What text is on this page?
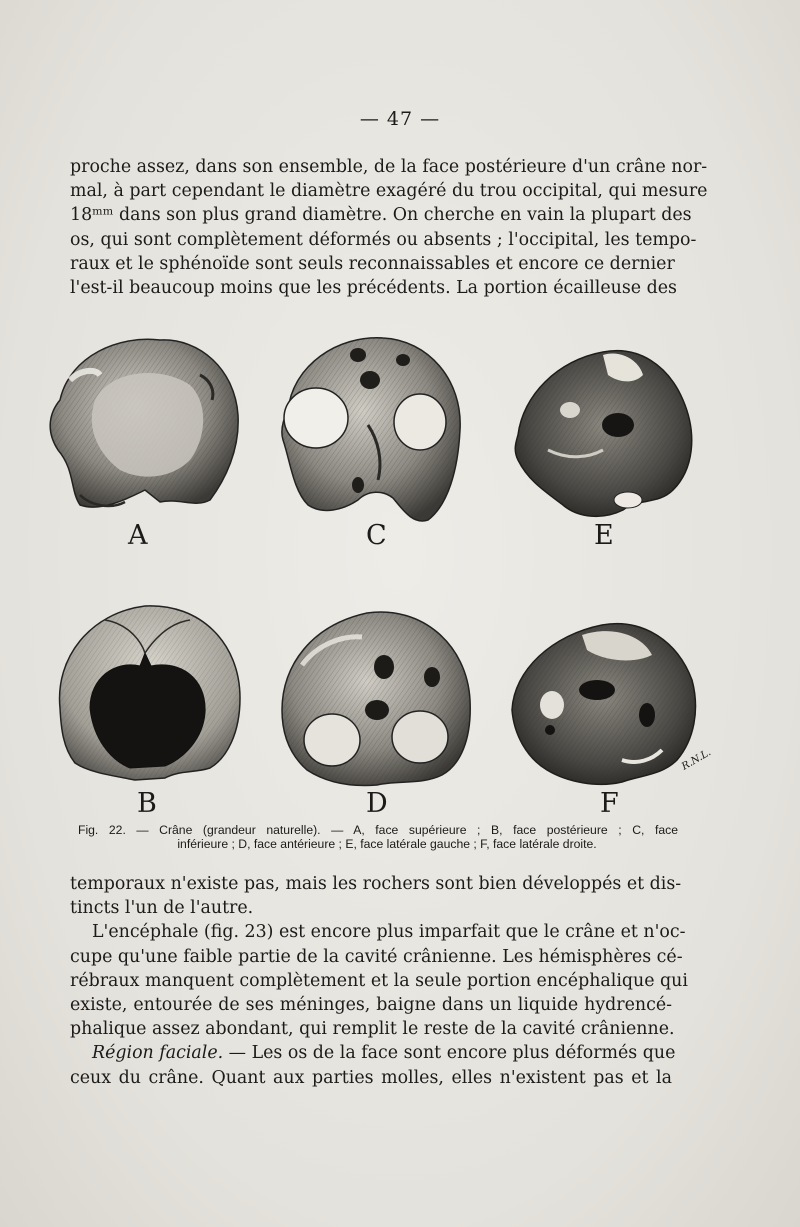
— 47 —

proche assez, dans son ensemble, de la face postérieure d'un crâne nor-
mal, à part cependant le diamètre exagéré du trou occipital, qui mesure
18ᵐᵐ dans son plus grand diamètre. On cherche en vain la plupart des
os, qui sont complètement déformés ou absents ; l'occipital, les tempo-
raux et le sphénoïde sont seuls reconnaissables et encore ce dernier
l'est-il beaucoup moins que les précédents. La portion écailleuse des

R.N.L.
A	C	E
B	D	F
Fig. 22. — Crâne (grandeur naturelle). — A, face supérieure ; B, face postérieure ; C, face
inférieure ; D, face antérieure ; E, face latérale gauche ; F, face latérale droite.
temporaux n'existe pas, mais les rochers sont bien développés et dis-
tincts l'un de l'autre.
L'encéphale (fig. 23) est encore plus imparfait que le crâne et n'oc-
cupe qu'une faible partie de la cavité crânienne. Les hémisphères cé-
rébraux manquent complètement et la seule portion encéphalique qui
existe, entourée de ses méninges, baigne dans un liquide hydrencé-
phalique assez abondant, qui remplit le reste de la cavité crânienne.
Région faciale. — Les os de la face sont encore plus déformés que
ceux du crâne. Quant aux parties molles, elles n'existent pas et la
